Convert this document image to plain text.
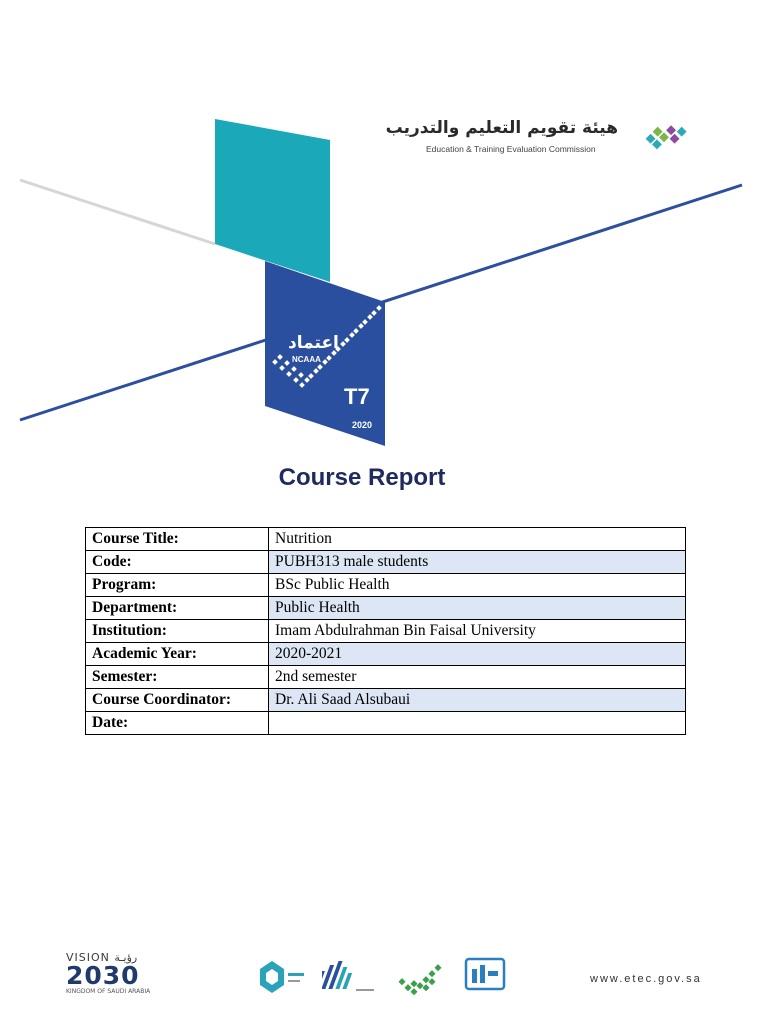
اعتماد
NCAAA
T7
2020
هيئة تقويم التعليم والتدريب
Education & Training Evaluation Commission
Course Report
Course Title:	Nutrition
Code:	PUBH313 male students
Program:	BSc Public Health
Department:	Public Health
Institution:	Imam Abdulrahman Bin Faisal University
Academic Year:	2020-2021
Semester:	2nd semester
Course Coordinator:	Dr. Ali Saad Alsubaui
Date:	
VISION رؤيـة
2030
KINGDOM OF SAUDI ARABIA
www.etec.gov.sa
